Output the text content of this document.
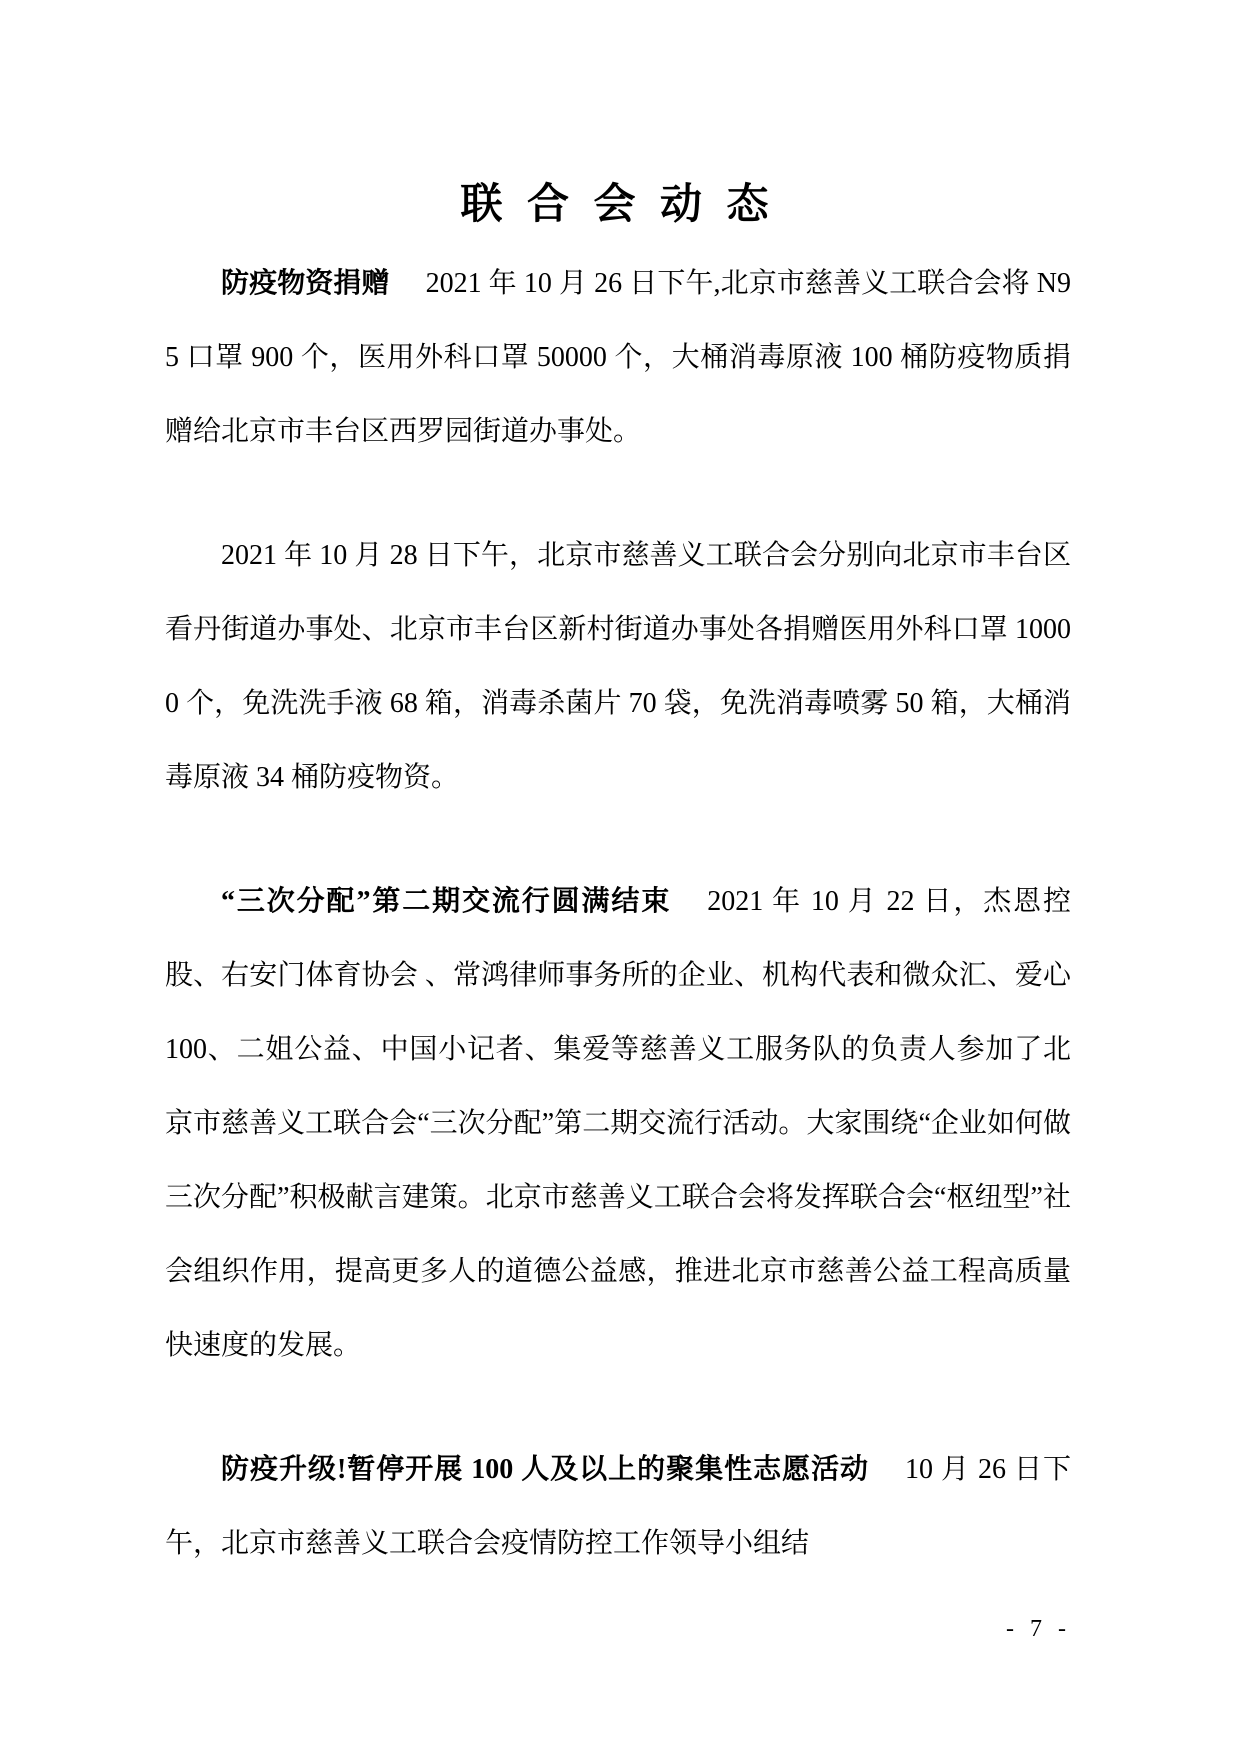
联 合 会 动 态

防疫物资捐赠 2021 年 10 月 26 日下午,北京市慈善义工联合会将 N95 口罩 900 个，医用外科口罩 50000 个，大桶消毒原液 100 桶防疫物质捐赠给北京市丰台区西罗园街道办事处。

2021 年 10 月 28 日下午，北京市慈善义工联合会分别向北京市丰台区看丹街道办事处、北京市丰台区新村街道办事处各捐赠医用外科口罩 10000 个，免洗洗手液 68 箱，消毒杀菌片 70 袋，免洗消毒喷雾 50 箱，大桶消毒原液 34 桶防疫物资。

“三次分配”第二期交流行圆满结束 2021 年 10 月 22 日，杰恩控股、右安门体育协会 、常鸿律师事务所的企业、机构代表和微众汇、爱心 100、二姐公益、中国小记者、集爱等慈善义工服务队的负责人参加了北京市慈善义工联合会“三次分配”第二期交流行活动。大家围绕“企业如何做三次分配”积极献言建策。北京市慈善义工联合会将发挥联合会“枢纽型”社会组织作用，提高更多人的道德公益感，推进北京市慈善公益工程高质量快速度的发展。

防疫升级!暂停开展 100 人及以上的聚集性志愿活动 10 月 26 日下午，北京市慈善义工联合会疫情防控工作领导小组结

- 7 -
